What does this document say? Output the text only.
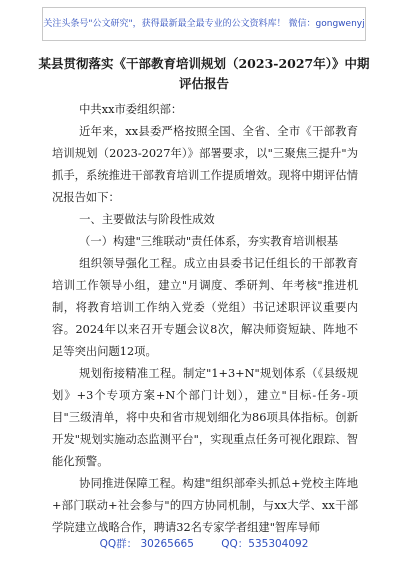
关注头条号"公文研究"，获得最新最全最专业的公文资料库！ 微信：gongwenyj
某县贯彻落实《干部教育培训规划（2023-2027年）》中期
评估报告
中共xx市委组织部：
近年来，xx县委严格按照全国、全省、全市《干部教育培训规划（2023-2027年）》部署要求，以"三聚焦三提升"为抓手，系统推进干部教育培训工作提质增效。现将中期评估情况报告如下：
一、主要做法与阶段性成效
（一）构建"三维联动"责任体系，夯实教育培训根基
组织领导强化工程。成立由县委书记任组长的干部教育培训工作领导小组，建立"月调度、季研判、年考核"推进机制，将教育培训工作纳入党委（党组）书记述职评议重要内容。2024年以来召开专题会议8次，解决师资短缺、阵地不足等突出问题12项。
规划衔接精准工程。制定"1+3+N"规划体系（《县级规划》+3个专项方案+N个部门计划），建立"目标-任务-项目"三级清单，将中央和省市规划细化为86项具体指标。创新开发"规划实施动态监测平台"，实现重点任务可视化跟踪、智能化预警。
协同推进保障工程。构建"组织部牵头抓总+党校主阵地+部门联动+社会参与"的四方协同机制，与xx大学、xx干部学院建立战略合作，聘请32名专家学者组建"智库导师
QQ群： 30265665	QQ：535304092
